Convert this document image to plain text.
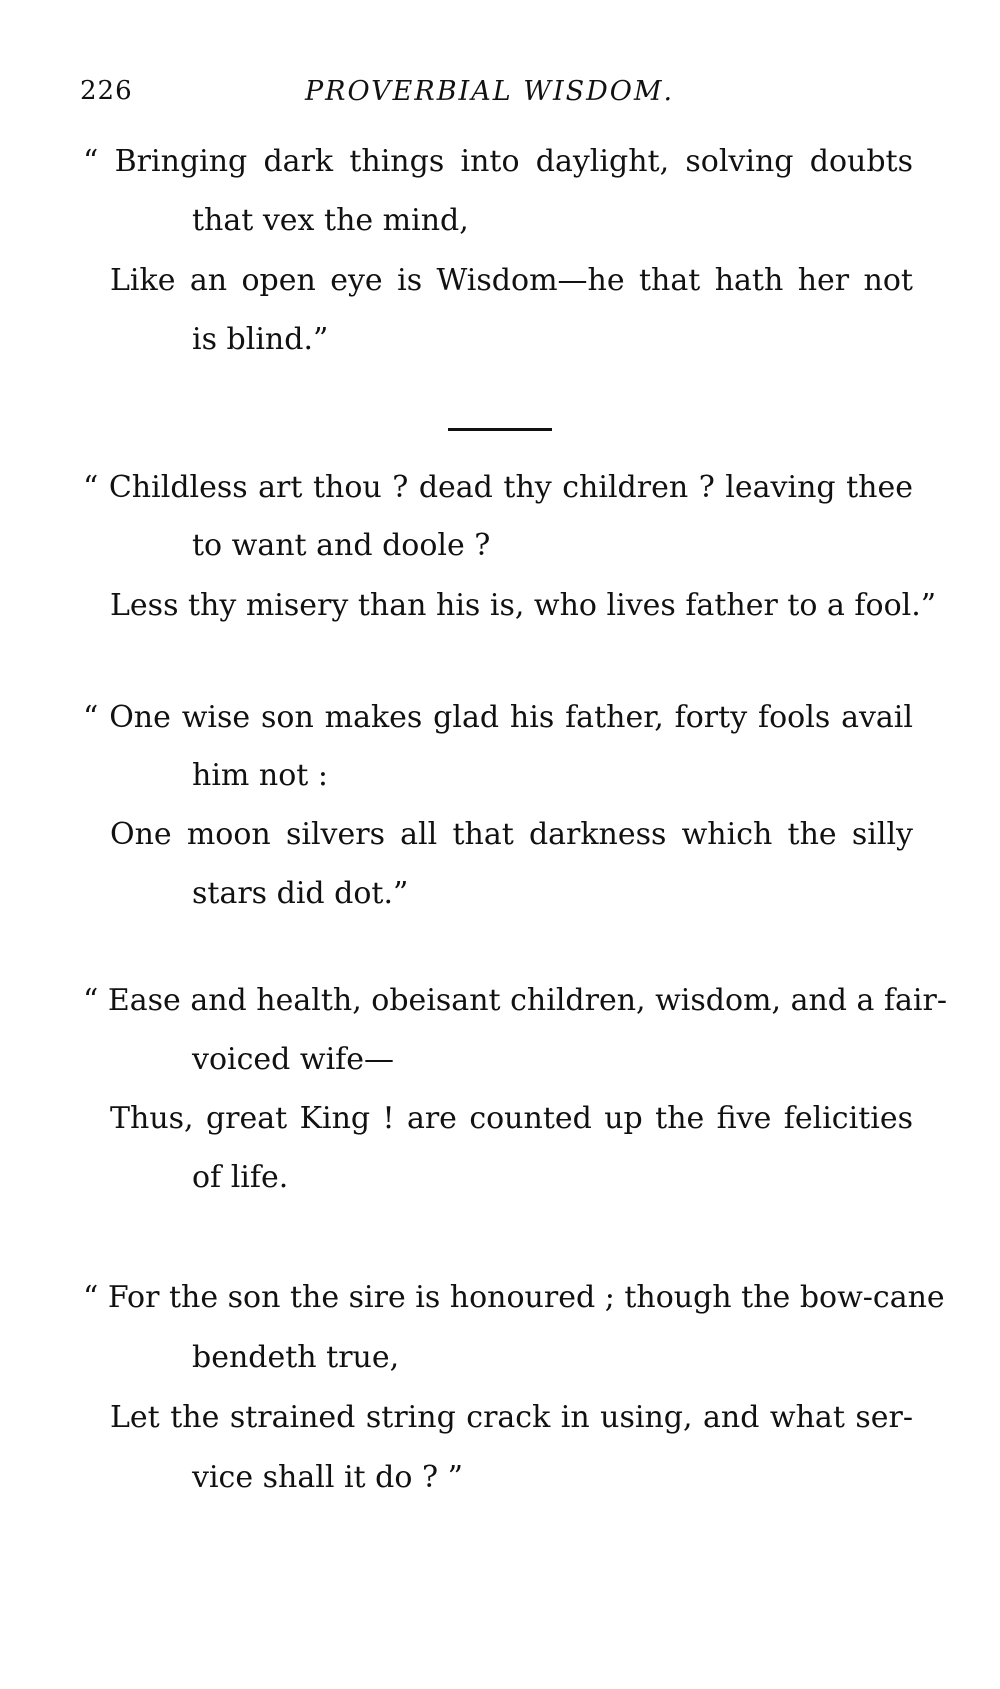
226	PROVERBIAL WISDOM.
“ Bringing dark things into daylight, solving doubts
that vex the mind,
Like an open eye is Wisdom—he that hath her not
is blind.”
“ Childless art thou ? dead thy children ? leaving thee
to want and doole ?
Less thy misery than his is, who lives father to a fool.”
“ One wise son makes glad his father, forty fools avail
him not :
One moon silvers all that darkness which the silly
stars did dot.”
“ Ease and health, obeisant children, wisdom, and a fair-
voiced wife—
Thus, great King ! are counted up the five felicities
of life.
“ For the son the sire is honoured ; though the bow-cane
bendeth true,
Let the strained string crack in using, and what ser-
vice shall it do ? ”
